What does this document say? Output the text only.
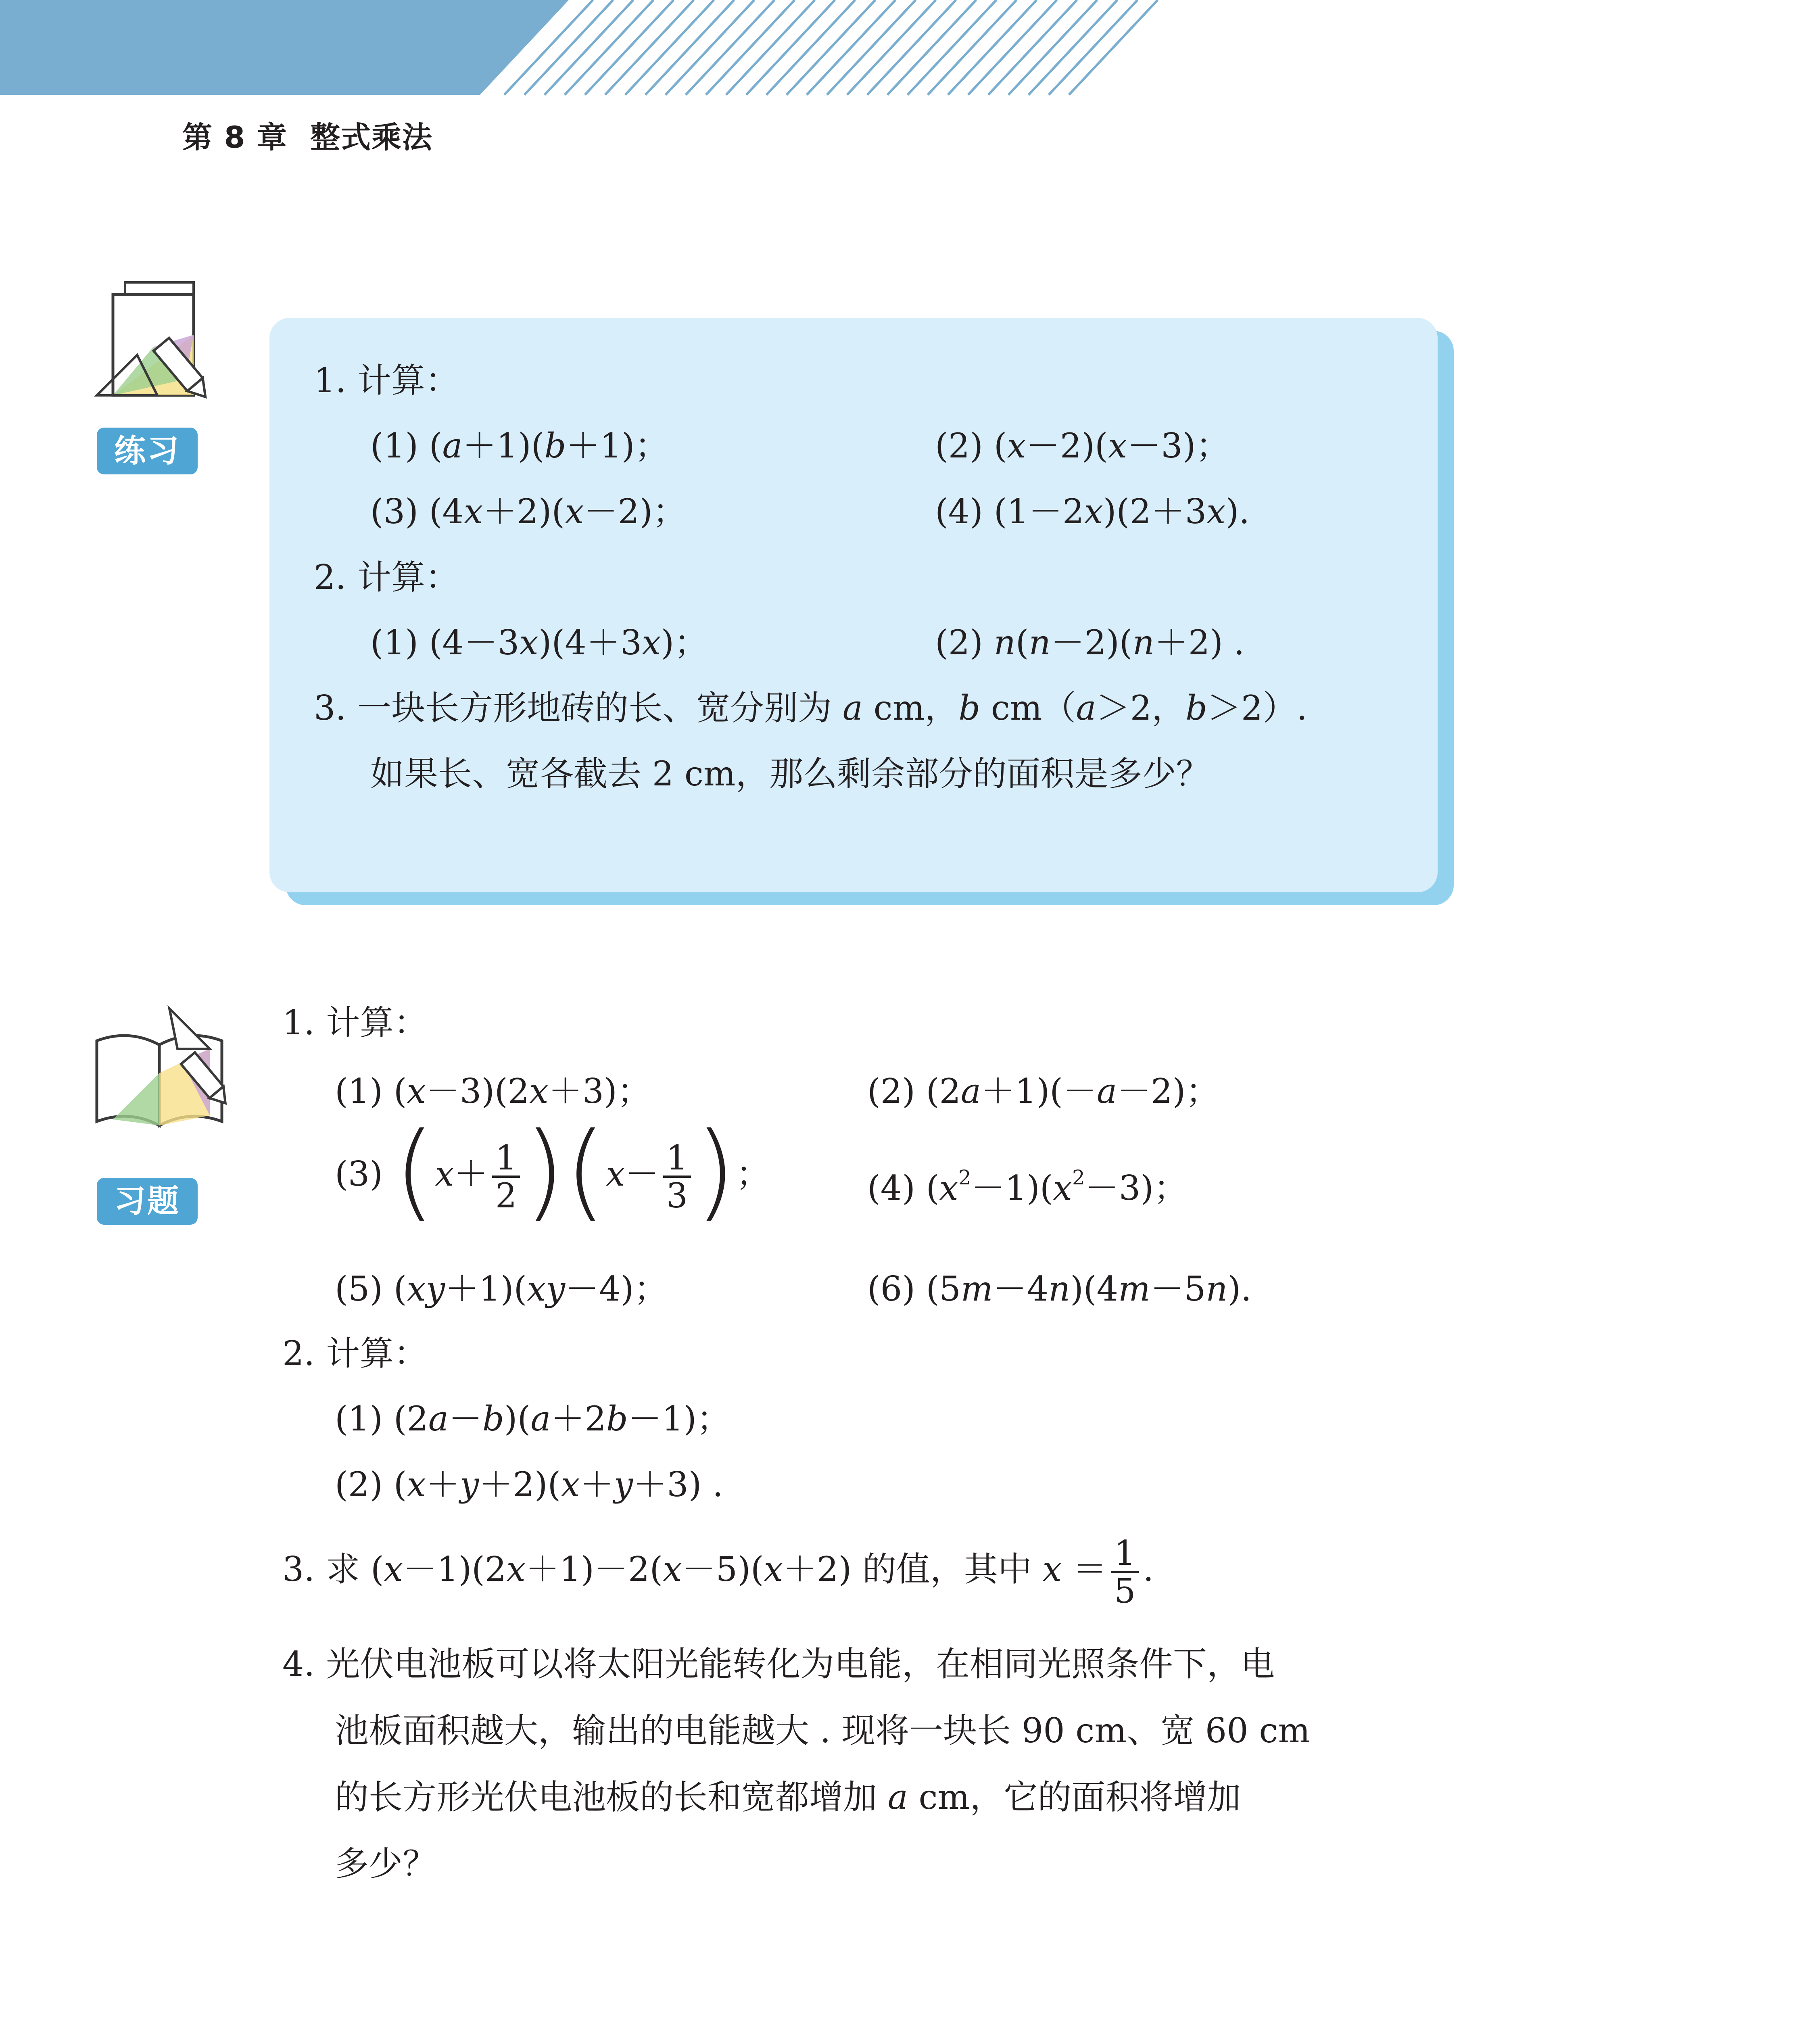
第 8 章 整式乘法
练习
1. 计算：
(1) (a＋1)(b＋1)；	(2) (x－2)(x－3)；
(3) (4x＋2)(x－2)；	(4) (1－2x)(2＋3x).
2. 计算：
(1) (4－3x)(4＋3x)；	(2) n(n－2)(n＋2) .
3. 一块长方形地砖的长、宽分别为 a cm，b cm（a＞2，b＞2）.
如果长、宽各截去 2 cm，那么剩余部分的面积是多少？
习题
1. 计算：
(1) (x－3)(2x＋3)；	(2) (2a＋1)(－a－2)；
(3) (x＋ 1
2 )(x－ 1
3 )；	(4) $(x^2-1)(x^2-3)$；
(5) (xy＋1)(xy－4)；	(6) (5m－4n)(4m－5n).
2. 计算：
(1) (2a－b)(a＋2b－1)；
(2) (x＋y＋2)(x＋y＋3) .
3. 求 (x－1)(2x＋1)－2(x－5)(x＋2) 的值，其中 x ＝ 1
5
.
4. 光伏电池板可以将太阳光能转化为电能，在相同光照条件下，电
池板面积越大，输出的电能越大 . 现将一块长 90 cm、宽 60 cm
的长方形光伏电池板的长和宽都增加 a cm，它的面积将增加
多少？
